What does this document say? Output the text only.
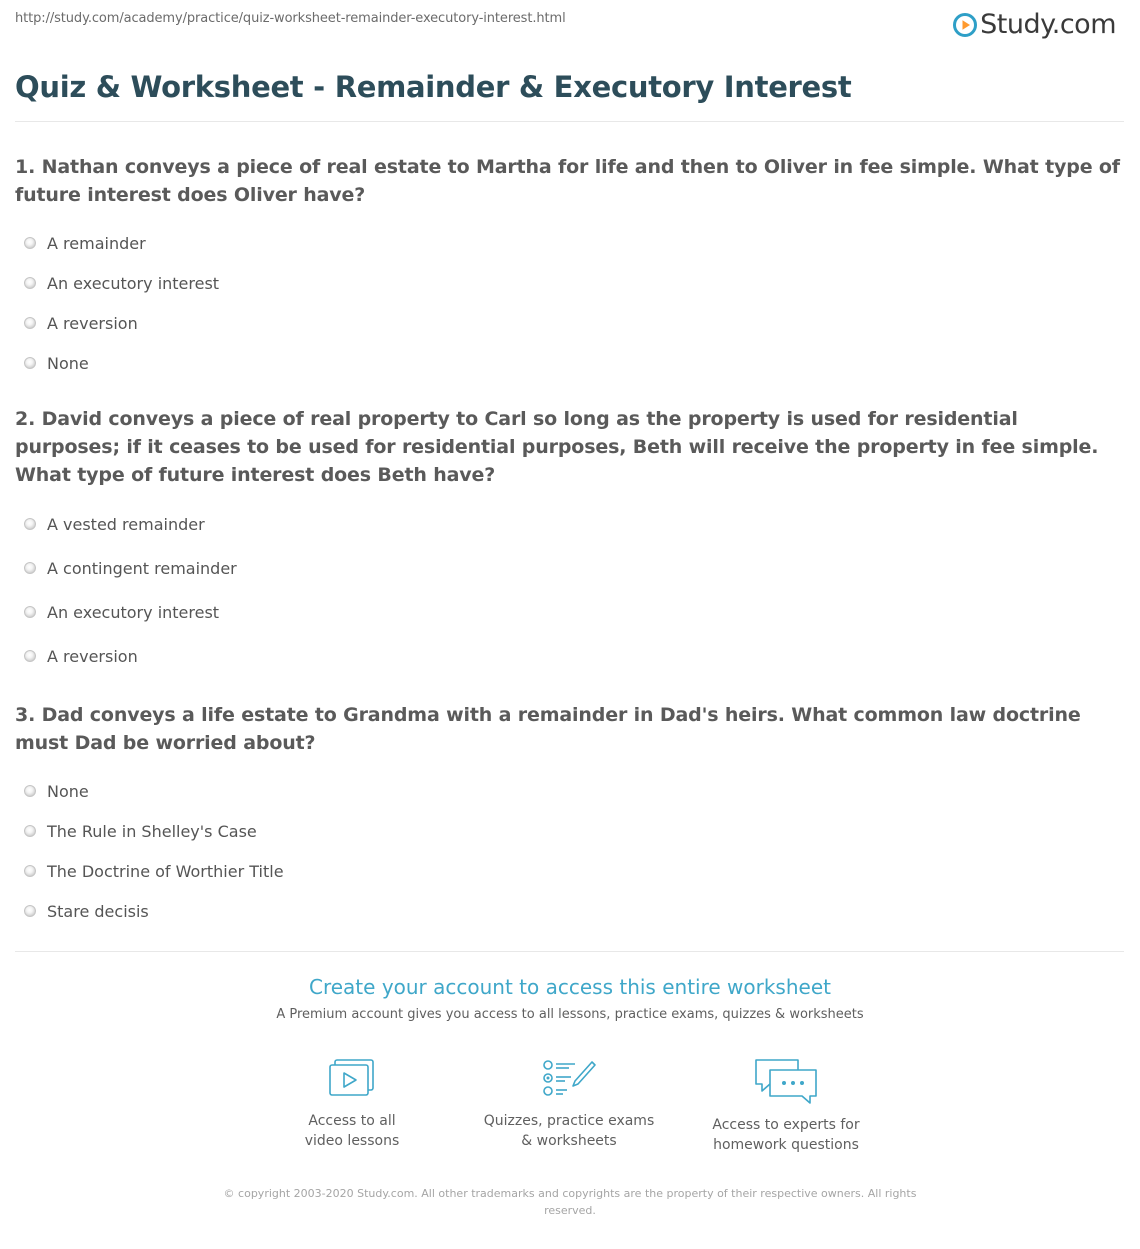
http://study.com/academy/practice/quiz-worksheet-remainder-executory-interest.html	Study.com
Quiz & Worksheet - Remainder & Executory Interest
1. Nathan conveys a piece of real estate to Martha for life and then to Oliver in fee simple. What type of future interest does Oliver have?
A remainder
An executory interest
A reversion
None
2. David conveys a piece of real property to Carl so long as the property is used for residential purposes; if it ceases to be used for residential purposes, Beth will receive the property in fee simple. What type of future interest does Beth have?
A vested remainder
A contingent remainder
An executory interest
A reversion
3. Dad conveys a life estate to Grandma with a remainder in Dad's heirs. What common law doctrine must Dad be worried about?
None
The Rule in Shelley's Case
The Doctrine of Worthier Title
Stare decisis
Create your account to access this entire worksheet
A Premium account gives you access to all lessons, practice exams, quizzes & worksheets
Access to all
video lessons
Quizzes, practice exams
& worksheets
Access to experts for
homework questions
© copyright 2003-2020 Study.com. All other trademarks and copyrights are the property of their respective owners. All rights reserved.
